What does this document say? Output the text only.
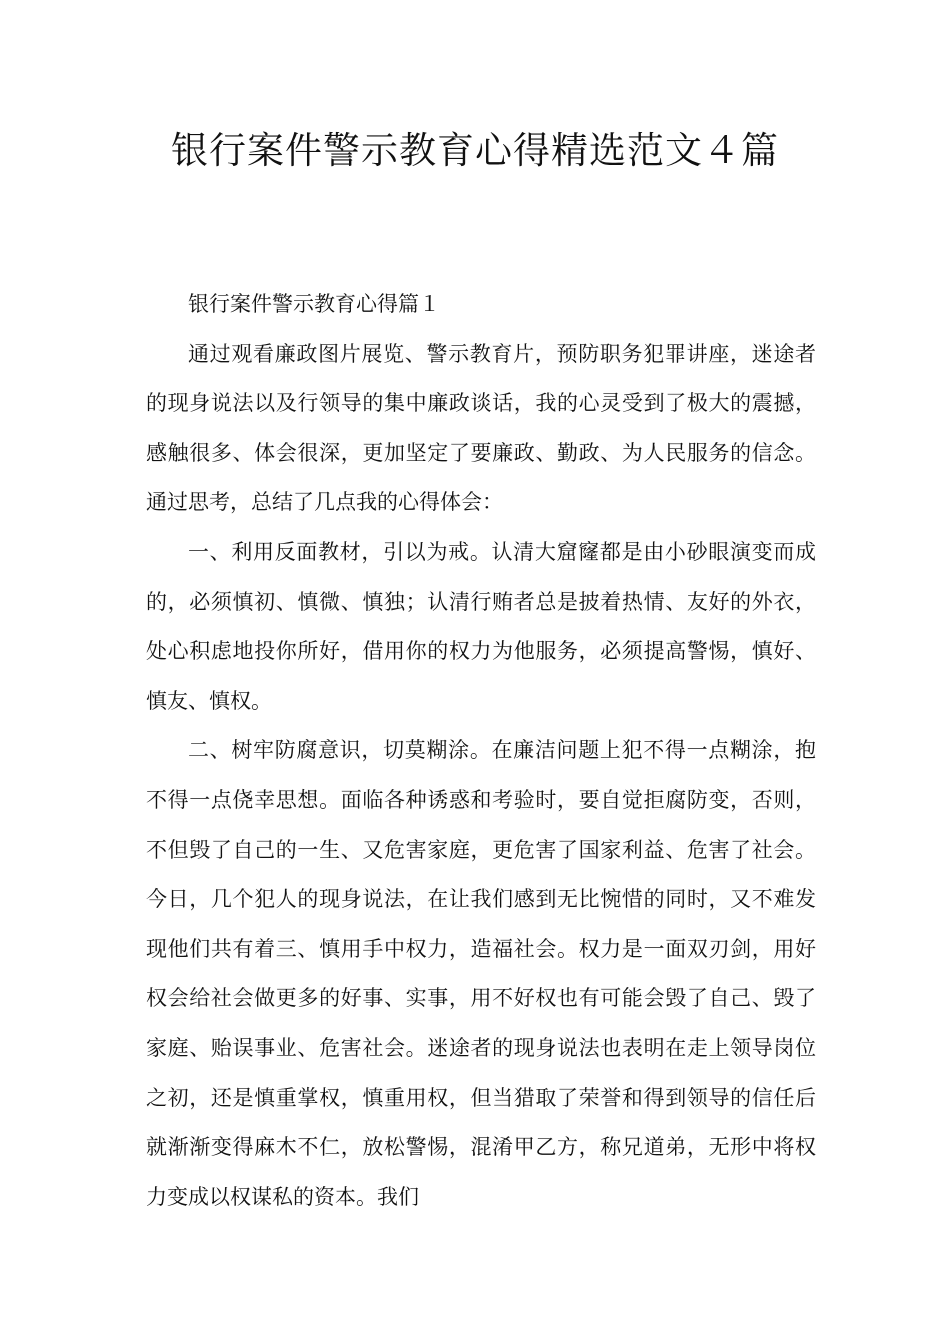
银行案件警示教育心得精选范文４篇

银行案件警示教育心得篇１

通过观看廉政图片展览、警示教育片，预防职务犯罪讲座，迷途者的现身说法以及行领导的集中廉政谈话，我的心灵受到了极大的震撼，感触很多、体会很深，更加坚定了要廉政、勤政、为人民服务的信念。通过思考，总结了几点我的心得体会：

一、利用反面教材，引以为戒。认清大窟窿都是由小砂眼演变而成的，必须慎初、慎微、慎独；认清行贿者总是披着热情、友好的外衣，处心积虑地投你所好，借用你的权力为他服务，必须提高警惕，慎好、慎友、慎权。

二、树牢防腐意识，切莫糊涂。在廉洁问题上犯不得一点糊涂，抱不得一点侥幸思想。面临各种诱惑和考验时，要自觉拒腐防变，否则，不但毁了自己的一生、又危害家庭，更危害了国家利益、危害了社会。今日，几个犯人的现身说法，在让我们感到无比惋惜的同时，又不难发现他们共有着三、慎用手中权力，造福社会。权力是一面双刃剑，用好权会给社会做更多的好事、实事，用不好权也有可能会毁了自己、毁了家庭、贻误事业、危害社会。迷途者的现身说法也表明在走上领导岗位之初，还是慎重掌权，慎重用权，但当猎取了荣誉和得到领导的信任后就渐渐变得麻木不仁，放松警惕，混淆甲乙方，称兄道弟，无形中将权力变成以权谋私的资本。我们
